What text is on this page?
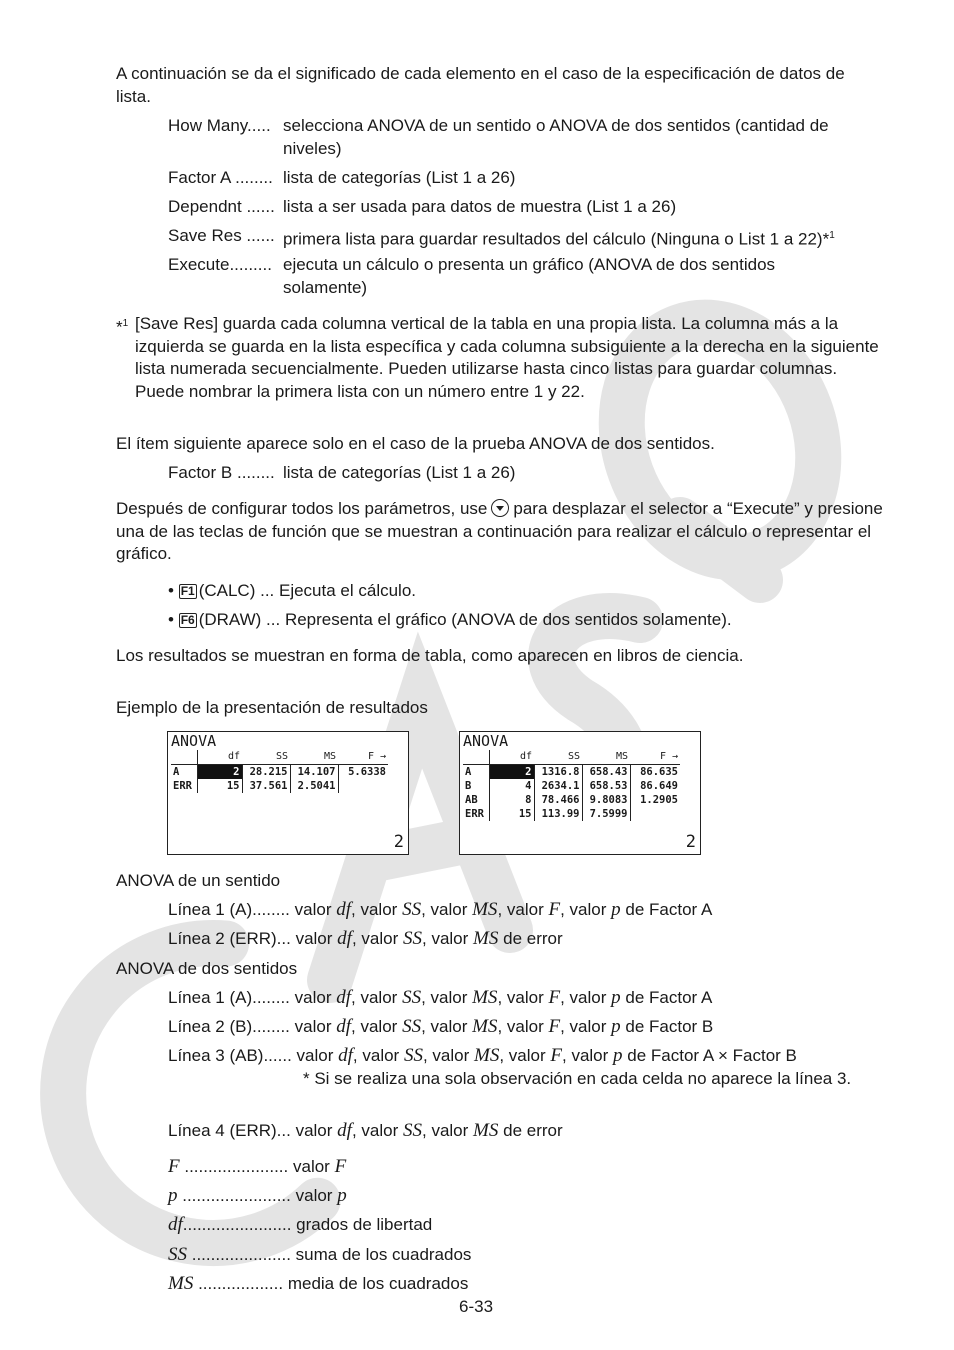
A continuación se da el significado de cada elemento en el caso de la especificación de datos de lista.
How Many..... selecciona ANOVA de un sentido o ANOVA de dos sentidos (cantidad de niveles)
Factor A ........ lista de categorías (List 1 a 26)
Dependnt ...... lista a ser usada para datos de muestra (List 1 a 26)
Save Res ...... primera lista para guardar resultados del cálculo (Ninguna o List 1 a 22)*$^1$
Execute......... ejecuta un cálculo o presenta un gráfico (ANOVA de dos sentidos solamente)
*$^1$ [Save Res] guarda cada columna vertical de la tabla en una propia lista. La columna más a la izquierda se guarda en la lista específica y cada columna subsiguiente a la derecha en la siguiente lista numerada secuencialmente. Pueden utilizarse hasta cinco listas para guardar columnas. Puede nombrar la primera lista con un número entre 1 y 22.
El ítem siguiente aparece solo en el caso de la prueba ANOVA de dos sentidos.
Factor B ........ lista de categorías (List 1 a 26)
Después de configurar todos los parámetros, use para desplazar el selector a “Execute” y presione una de las teclas de función que se muestran a continuación para realizar el cálculo o representar el gráfico.
• F1 (CALC) ... Ejecuta el cálculo.
• F6 (DRAW) ... Representa el gráfico (ANOVA de dos sentidos solamente).
Los resultados se muestran en forma de tabla, como aparecen en libros de ciencia.
Ejemplo de la presentación de resultados
ANOVA
	df	SS	MS	F →
A	2	28.215	14.107	5.6338
ERR	15	37.561	2.5041	
2
ANOVA
	df	SS	MS	F →
A	2	1316.8	658.43	86.635
B	4	2634.1	658.53	86.649
AB	8	78.466	9.8083	1.2905
ERR	15	113.99	7.5999	
2
ANOVA de un sentido
Línea 1 (A)........ valor df, valor SS, valor MS, valor F, valor p de Factor A
Línea 2 (ERR)... valor df, valor SS, valor MS de error
ANOVA de dos sentidos
Línea 1 (A)........ valor df, valor SS, valor MS, valor F, valor p de Factor A
Línea 2 (B)........ valor df, valor SS, valor MS, valor F, valor p de Factor B
Línea 3 (AB)...... valor df, valor SS, valor MS, valor F, valor p de Factor A × Factor B
* Si se realiza una sola observación en cada celda no aparece la línea 3.
Línea 4 (ERR)... valor df, valor SS, valor MS de error
F ...................... valor F
p ....................... valor p
df....................... grados de libertad
SS ..................... suma de los cuadrados
MS .................. media de los cuadrados
6-33
